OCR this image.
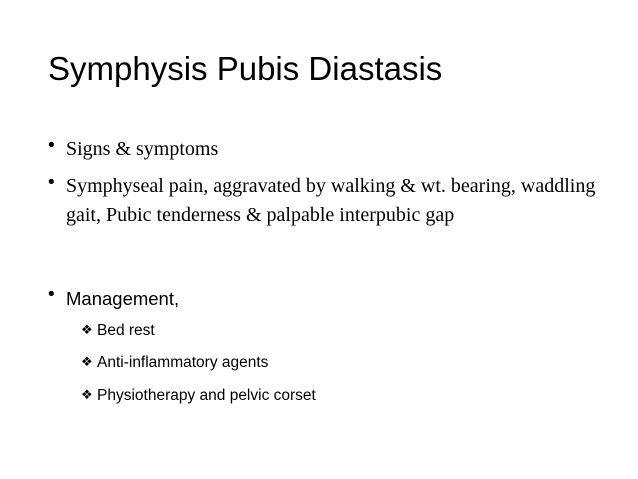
Symphysis Pubis Diastasis
• Signs & symptoms
• Symphyseal pain, aggravated by walking & wt. bearing, waddling gait, Pubic tenderness & palpable interpubic gap
• Management,
❖ Bed rest
❖ Anti-inflammatory agents
❖ Physiotherapy and pelvic corset
